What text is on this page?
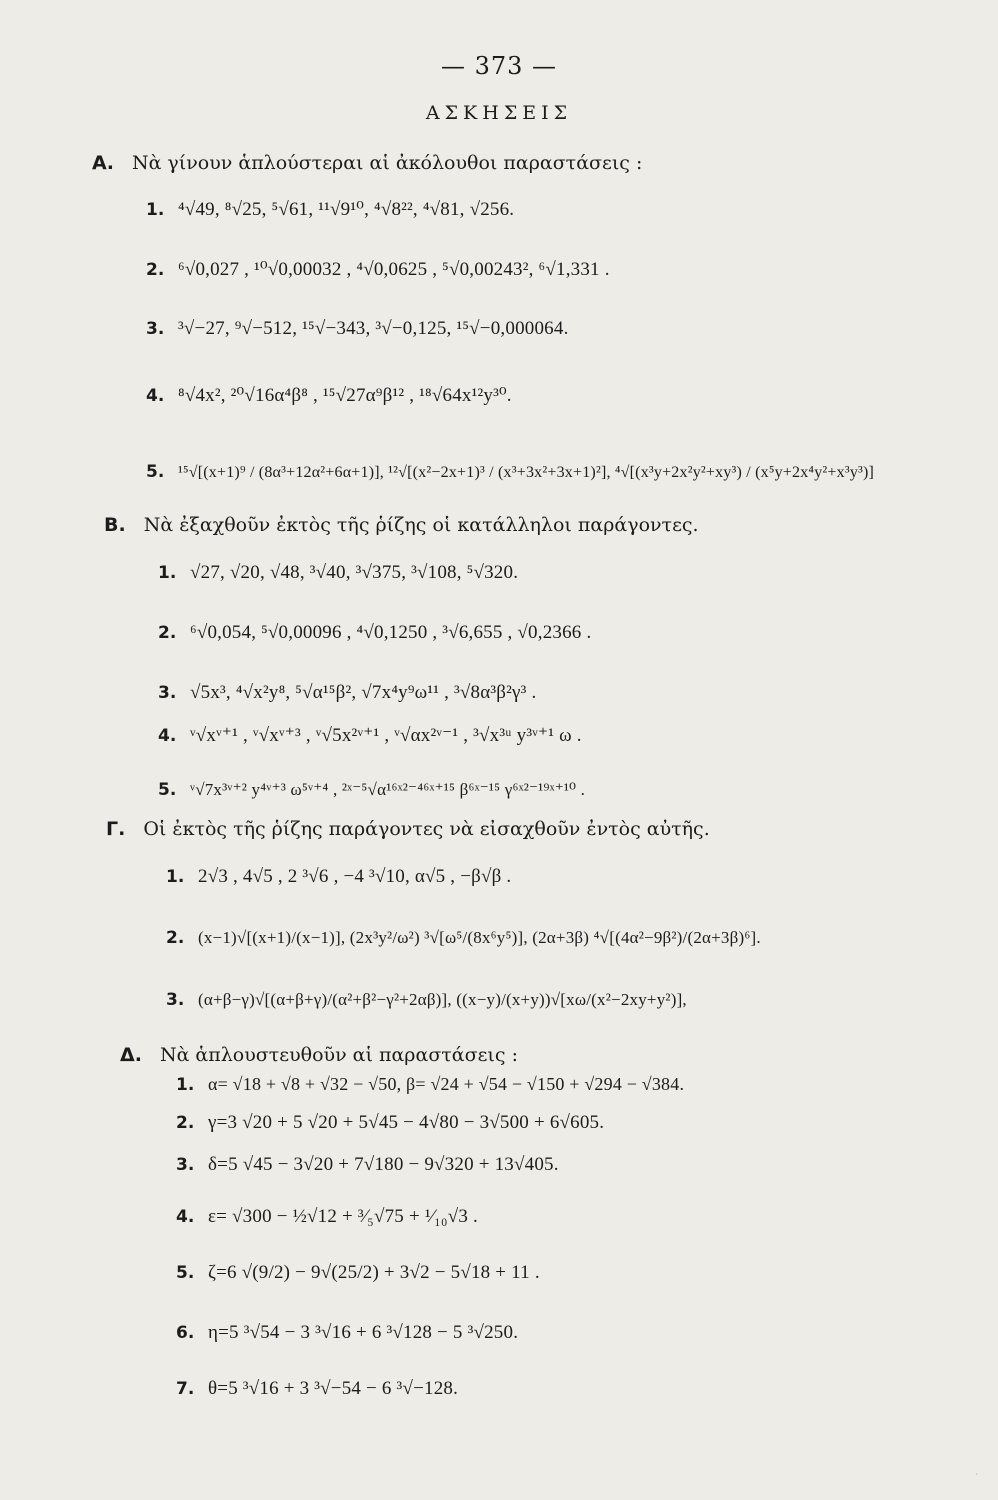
— 373 —
ΑΣΚΗΣΕΙΣ
Α. Νὰ γίνουν ἁπλούστεραι αἱ ἀκόλουθοι παραστάσεις :
1. ⁴√49, ⁸√25, ⁵√61, ¹¹√9¹⁰, ⁴√8²², ⁴√81, √256.
2. ⁶√0,027 , ¹⁰√0,00032 , ⁴√0,0625 , ⁵√0,00243², ⁶√1,331 .
3. ³√−27, ⁹√−512, ¹⁵√−343, ³√−0,125, ¹⁵√−0,000064.
4. ⁸√4x², ²⁰√16α⁴β⁸ , ¹⁵√27α⁹β¹² , ¹⁸√64x¹²y³⁰.
5. ¹⁵√[(x+1)⁹ / (8α³+12α²+6α+1)], ¹²√[(x²−2x+1)³ / (x³+3x²+3x+1)²], ⁴√[(x³y+2x²y²+xy³) / (x⁵y+2x⁴y²+x³y³)]
Β. Νὰ ἐξαχθοῦν ἐκτὸς τῆς ῥίζης οἱ κατάλληλοι παράγοντες.
1. √27, √20, √48, ³√40, ³√375, ³√108, ⁵√320.
2. ⁶√0,054, ⁵√0,00096 , ⁴√0,1250 , ³√6,655 , √0,2366 .
3. √5x³, ⁴√x²y⁸, ⁵√α¹⁵β², √7x⁴y⁹ω¹¹ , ³√8α³β²γ³ .
4. ᵛ√xᵛ⁺¹ , ᵛ√xᵛ⁺³ , ᵛ√5x²ᵛ⁺¹ , ᵛ√αx²ᵛ⁻¹ , ³√x³ᵘ y³ᵛ⁺¹ ω .
5. ᵛ√7x³ᵛ⁺² y⁴ᵛ⁺³ ω⁵ᵛ⁺⁴ , ²ˣ⁻⁵√α¹⁶ˣ²⁻⁴⁶ˣ⁺¹⁵ β⁶ˣ⁻¹⁵ γ⁶ˣ²⁻¹⁹ˣ⁺¹⁰ .
Γ. Οἱ ἐκτὸς τῆς ῥίζης παράγοντες νὰ εἰσαχθοῦν ἐντὸς αὐτῆς.
1. 2√3 , 4√5 , 2 ³√6 , −4 ³√10, α√5 , −β√β .
2. (x−1)√[(x+1)/(x−1)], (2x³y²/ω²) ³√[ω⁵/(8x⁶y⁵)], (2α+3β) ⁴√[(4α²−9β²)/(2α+3β)⁶].
3. (α+β−γ)√[(α+β+γ)/(α²+β²−γ²+2αβ)], ((x−y)/(x+y))√[xω/(x²−2xy+y²)],
Δ. Νὰ ἁπλουστευθοῦν αἱ παραστάσεις :
1. α= √18 + √8 + √32 − √50, β= √24 + √54 − √150 + √294 − √384.
2. γ=3 √20 + 5 √20 + 5√45 − 4√80 − 3√500 + 6√605.
3. δ=5 √45 − 3√20 + 7√180 − 9√320 + 13√405.
4. ε= √300 − ½√12 + ³⁄₅√75 + ¹⁄₁₀√3 .
5. ζ=6 √(9/2) − 9√(25/2) + 3√2 − 5√18 + 11 .
6. η=5 ³√54 − 3 ³√16 + 6 ³√128 − 5 ³√250.
7. θ=5 ³√16 + 3 ³√−54 − 6 ³√−128.
·
